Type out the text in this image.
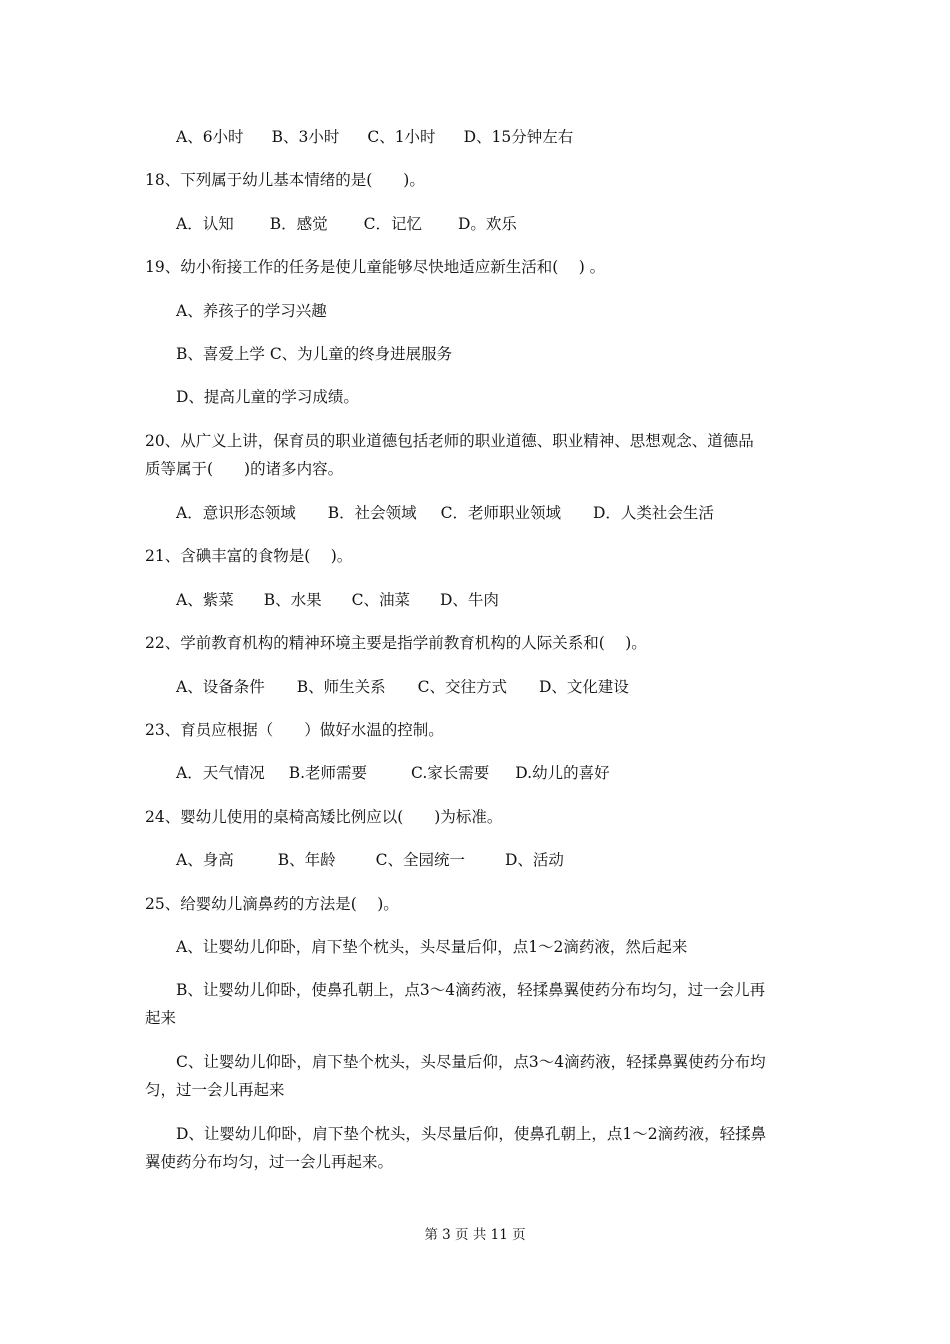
A、6小时 B、3小时 C、1小时 D、15分钟左右
18、下列属于幼儿基本情绪的是(　　)。
A．认知 B．感觉 C．记忆 D。欢乐
19、幼小衔接工作的任务是使儿童能够尽快地适应新生活和(　 ) 。
A、养孩子的学习兴趣
B、喜爱上学 C、为儿童的终身进展服务
D、提高儿童的学习成绩。
20、从广义上讲，保育员的职业道德包括老师的职业道德、职业精神、思想观念、道德品
质等属于(　　)的诸多内容。
A．意识形态领域 B．社会领域 C．老师职业领域 D．人类社会生活
21、含碘丰富的食物是(　 )。
A、紫菜 B、水果 C、油菜 D、牛肉
22、学前教育机构的精神环境主要是指学前教育机构的人际关系和(　 )。
A、设备条件 B、师生关系 C、交往方式 D、文化建设
23、育员应根据（　　）做好水温的控制。
A．天气情况 B.老师需要	C.家长需要 D.幼儿的喜好
24、婴幼儿使用的桌椅高矮比例应以(　　)为标准。
A、身高	B、年龄	C、全园统一	D、活动
25、给婴幼儿滴鼻药的方法是(　 )。
A、让婴幼儿仰卧，肩下垫个枕头，头尽量后仰，点1～2滴药液，然后起来
B、让婴幼儿仰卧，使鼻孔朝上，点3～4滴药液，轻揉鼻翼使药分布均匀，过一会儿再
起来
C、让婴幼儿仰卧，肩下垫个枕头，头尽量后仰，点3～4滴药液，轻揉鼻翼使药分布均
匀，过一会儿再起来
D、让婴幼儿仰卧，肩下垫个枕头，头尽量后仰，使鼻孔朝上，点1～2滴药液，轻揉鼻
翼使药分布均匀，过一会儿再起来。
第 3 页 共 11 页
